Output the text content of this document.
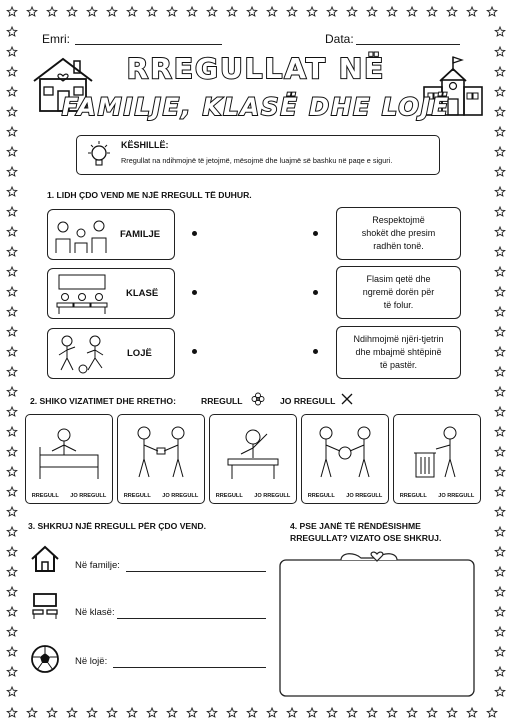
Emri:	Data:
RREGULLAT NË
FAMILJE, KLASË DHE LOJË
KËSHILLË:
Rregullat na ndihmojnë të jetojmë, mësojmë dhe luajmë së bashku në paqe e siguri.
1. LIDH ÇDO VEND ME NJË RREGULL TË DUHUR.
FAMILJE
KLASË
LOJË
Respektojmë
shokët dhe presim
radhën tonë.
Flasim qetë dhe
ngremë dorën për
të folur.
Ndihmojmë njëri-tjetrin
dhe mbajmë shtëpinë
të pastër.
2. SHIKO VIZATIMET DHE RRETHO:	RREGULL	JO RREGULL
RREGULL JO RREGULL	RREGULL JO RREGULL	RREGULL JO RREGULL	RREGULL JO RREGULL	RREGULL JO RREGULL
3. SHKRUJ NJË RREGULL PËR ÇDO VEND.
Në familje:
Në klasë:
Në lojë:
4. PSE JANË TË RËNDËSISHME
RREGULLAT? VIZATO OSE SHKRUJ.
